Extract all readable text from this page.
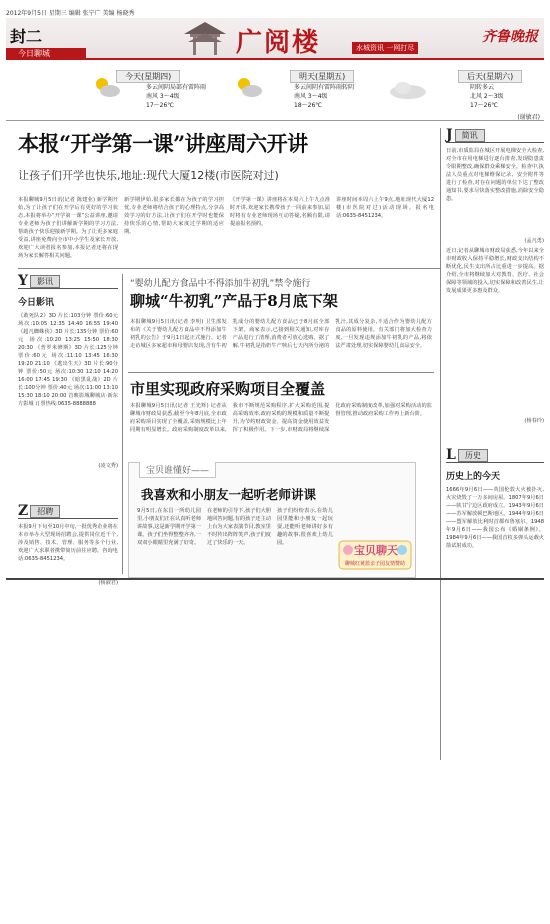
2012年9月5日 星期三 编辑 张宁广 美编 杨晓秀
封二
今日聊城	广阅楼	水城资讯 一网打尽
齐鲁晚报
今天(星期四)
多云间阴局部有雷阵雨
南风 3～4级
17～26℃
明天(星期五)
多云间阴有雷阵雨转阴
南风 3～4级
18～26℃
后天(星期六)
阴转多云
北风 2～3级
17～26℃
(谢敏君)
本报“开学第一课”讲座周六开讲
让孩子们开学也快乐,地址:现代大厦12楼(市医院对过)
本报聊城9月5日讯(记者 陈建业) 新学期开始,为了让孩子们在开学后有更好的学习状态,本报将举办“开学第一课”公益讲座,邀请专业老师为孩子们讲解新学期的学习方法,帮助孩子快乐迎接新学期。为了让更多家庭受益,讲座免费向全市中小学生及家长开放,欢迎广大读者报名参加,本报记者还将在现场为家长解答相关问题。
新学期伊始,很多家长都在为孩子的学习担忧,专业老师将结合孩子的心理特点,分享高效学习的好方法,让孩子们在开学时也能保持快乐的心情,帮助大家度过学期的适应期。
《开学第一课》讲座将在本周六上午九点准时开讲,欢迎家长携带孩子一同前来参加,届时将有专业老师现场互动答疑,名额有限,请提前报名预约。
讲座时间本周六上午9点,地址现代大厦12楼(市医院对过)活动现场。报名电话:0635-8451234。
J	简讯
日前,市质监局在城区开展电梯安全大检查,对全市在用电梯进行逐台排查,发现隐患责令限期整改,确保群众乘梯安全。检查中,执法人员重点对电梯维保记录、安全附件等进行了检查,对存在问题的单位下达了整改通知书,要求尽快落实整改措施,消除安全隐患。
(孟凡勇)
近日,记者从聊城市财政局获悉,今年以来全市财政收入保持平稳增长,财政支出结构不断优化,民生支出所占比重进一步提高。据介绍,全市将继续加大对教育、医疗、社会保障等领域的投入,切实保障和改善民生,让发展成果更多惠及群众。
(杨春玲)
Y	影讯
今日影讯
《敢死队2》3D 片长:103分钟 票价:60元 场次:10:05 12:35 14:40 16:55 19:40 《超凡蜘蛛侠》3D 片长:135分钟 票价:60元 场次:10:20 13:25 15:50 18:30 20:30 《普罗米修斯》3D 片长:125分钟 票价:60元 场次:11:10 13:45 16:30 19:20 21:10 《逃出生天》3D 片长:90分钟 票价:50元 场次:10:30 12:10 14:20 16:00 17:45 19:30 《暗黑乱战》2D 片长:100分钟 票价:40元 场次:11:00 13:10 15:30 18:10 20:00 首映影城聊城店·新东方影城 订票热线:0635-8888888
(凌文秀)
Z	招聘
本报9月下旬至10月中旬,一批优秀企业将在本市举办大型现场招聘会,提供岗位近千个,涉及销售、技术、管理、服务等多个行业,欢迎广大求职者携带简历前往应聘。咨询电话:0635-8451234。
(杨淑君)
“婴幼儿配方食品中不得添加牛初乳”禁令施行
聊城“牛初乳”产品于8月底下架
本报聊城9月5日讯(记者 李明) 卫生部发布的《关于婴幼儿配方食品中不得添加牛初乳的公告》于9月1日起正式施行。记者走访城区多家超市和母婴店发现,含有牛初乳成分的婴幼儿配方食品已于8月底全部下架。商家表示,已接到相关通知,对库存产品进行了清理,消费者可放心选购。据了解,牛初乳是指奶牛产犊后七天内所分泌的乳汁,其成分复杂,不适合作为婴幼儿配方食品的原料使用。有关部门将加大检查力度,一旦发现违规添加牛初乳的产品,将依法严肃处理,切实保障婴幼儿食品安全。
市里实现政府采购项目全覆盖
本报聊城9月5日讯(记者 王光辉) 记者从聊城市财政局获悉,截至今年8月底,全市政府采购项目实现了全覆盖,采购规模比上年同期有明显增长。政府采购制度改革以来,我市不断规范采购程序,扩大采购范围,提高采购效率,政府采购的规模和质量不断提升,为节约财政资金、提高资金使用效益发挥了积极作用。下一步,市财政局将继续深化政府采购制度改革,加强对采购活动的监督管理,推动政府采购工作再上新台阶。
宝贝谁懂好——
我喜欢和小朋友一起听老师讲课
9月5日,在东昌一所幼儿园里,小朋友们正在认真听老师讲故事,这是新学期开学第一课。孩子们坐得整整齐齐,一双双小眼睛里充满了好奇。
在老师的引导下,孩子们大胆地回答问题,有的孩子还主动上台为大家表演节目,教室里不时传出阵阵笑声,孩子们度过了快乐的一天。
孩子们纷纷表示,在幼儿园里能和小朋友一起玩耍,还能听老师讲好多有趣的故事,很喜欢上幼儿园。
宝贝聊天
聊城红黄蓝亲子园友情赞助
L	历史
历史上的今天
1666年9月6日——英国伦敦大火被扑灭,火灾烧毁了一万多间房屋。1807年9月6日——陕甘宁边区政府成立。1943年9月6日——苏军解放顿巴斯地区。1944年9月6日——盟军解放比利时首都布鲁塞尔。1948年9月6日——我国公布《婚姻条例》。1984年9月6日——我国首枚多弹头运载火箭试射成功。
